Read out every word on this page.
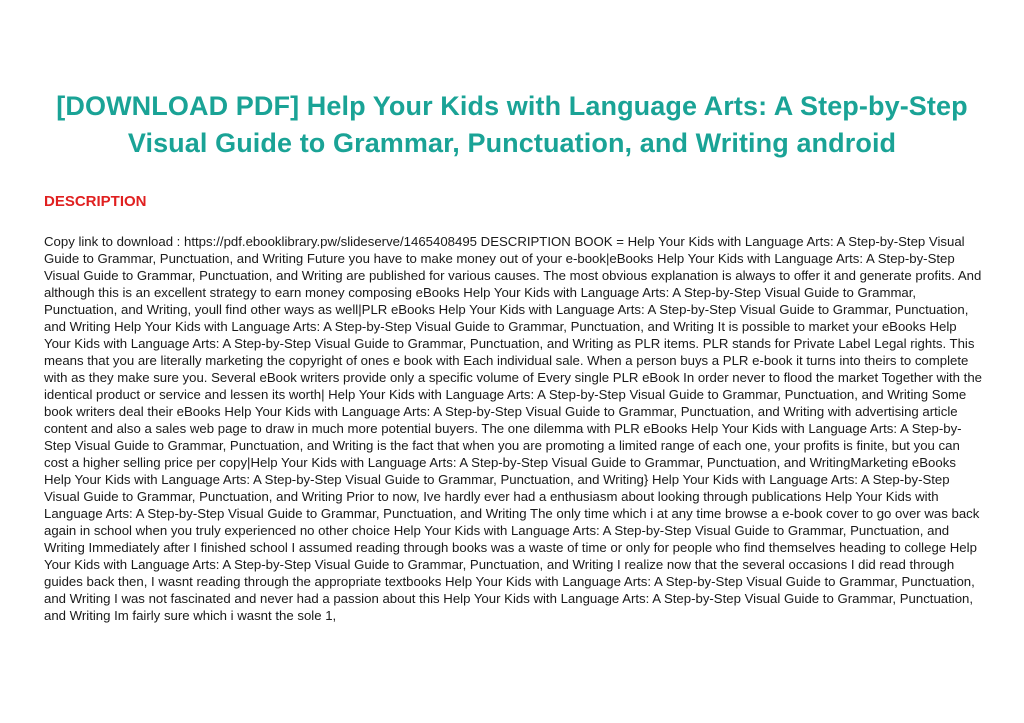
[DOWNLOAD PDF] Help Your Kids with Language Arts: A Step-by-Step Visual Guide to Grammar, Punctuation, and Writing android
DESCRIPTION

Copy link to download : https://pdf.ebooklibrary.pw/slideserve/1465408495 DESCRIPTION BOOK = Help Your Kids with Language Arts: A Step-by-Step Visual Guide to Grammar, Punctuation, and Writing Future you have to make money out of your e-book|eBooks Help Your Kids with Language Arts: A Step-by-Step Visual Guide to Grammar, Punctuation, and Writing are published for various causes. The most obvious explanation is always to offer it and generate profits. And although this is an excellent strategy to earn money composing eBooks Help Your Kids with Language Arts: A Step-by-Step Visual Guide to Grammar, Punctuation, and Writing, youll find other ways as well|PLR eBooks Help Your Kids with Language Arts: A Step-by-Step Visual Guide to Grammar, Punctuation, and Writing Help Your Kids with Language Arts: A Step-by-Step Visual Guide to Grammar, Punctuation, and Writing It is possible to market your eBooks Help Your Kids with Language Arts: A Step-by-Step Visual Guide to Grammar, Punctuation, and Writing as PLR items. PLR stands for Private Label Legal rights. This means that you are literally marketing the copyright of ones e book with Each individual sale. When a person buys a PLR e-book it turns into theirs to complete with as they make sure you. Several eBook writers provide only a specific volume of Every single PLR eBook In order never to flood the market Together with the identical product or service and lessen its worth| Help Your Kids with Language Arts: A Step-by-Step Visual Guide to Grammar, Punctuation, and Writing Some book writers deal their eBooks Help Your Kids with Language Arts: A Step-by-Step Visual Guide to Grammar, Punctuation, and Writing with advertising article content and also a sales web page to draw in much more potential buyers. The one dilemma with PLR eBooks Help Your Kids with Language Arts: A Step-by-Step Visual Guide to Grammar, Punctuation, and Writing is the fact that when you are promoting a limited range of each one, your profits is finite, but you can cost a higher selling price per copy|Help Your Kids with Language Arts: A Step-by-Step Visual Guide to Grammar, Punctuation, and WritingMarketing eBooks Help Your Kids with Language Arts: A Step-by-Step Visual Guide to Grammar, Punctuation, and Writing} Help Your Kids with Language Arts: A Step-by-Step Visual Guide to Grammar, Punctuation, and Writing Prior to now, Ive hardly ever had a enthusiasm about looking through publications Help Your Kids with Language Arts: A Step-by-Step Visual Guide to Grammar, Punctuation, and Writing The only time which i at any time browse a e-book cover to go over was back again in school when you truly experienced no other choice Help Your Kids with Language Arts: A Step-by-Step Visual Guide to Grammar, Punctuation, and Writing Immediately after I finished school I assumed reading through books was a waste of time or only for people who find themselves heading to college Help Your Kids with Language Arts: A Step-by-Step Visual Guide to Grammar, Punctuation, and Writing I realize now that the several occasions I did read through guides back then, I wasnt reading through the appropriate textbooks Help Your Kids with Language Arts: A Step-by-Step Visual Guide to Grammar, Punctuation, and Writing I was not fascinated and never had a passion about this Help Your Kids with Language Arts: A Step-by-Step Visual Guide to Grammar, Punctuation, and Writing Im fairly sure which i wasnt the sole 1,
